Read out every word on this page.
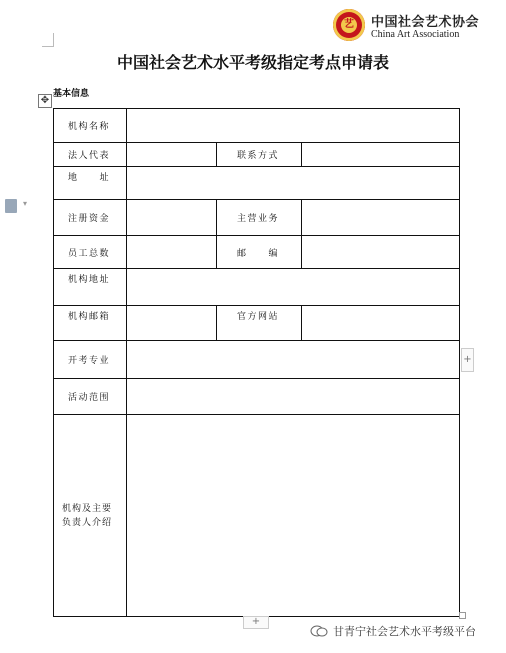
艺 中国社会艺术协会
China Art Association
中国社会艺术水平考级指定考点申请表
基本信息
✥
▾
机构名称			
法人代表		联系方式	
地　　址			
注册资金		主营业务	
员工总数		邮　　编	
机构地址			
机构邮箱		官方网站	
开考专业			
活动范围			
机构及主要负责人介绍			
+
+
甘青宁社会艺术水平考级平台
